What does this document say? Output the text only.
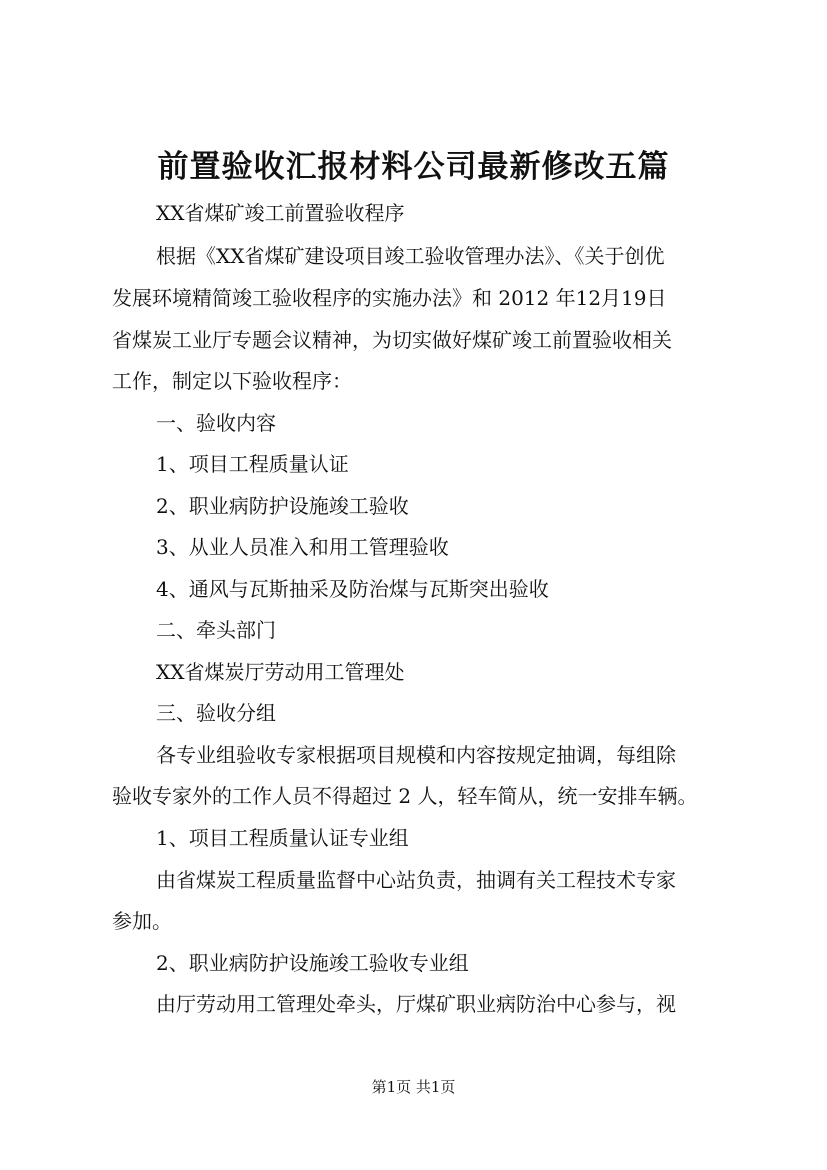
前置验收汇报材料公司最新修改五篇
XX省煤矿竣工前置验收程序
根据《XX省煤矿建设项目竣工验收管理办法》、《关于创优
发展环境精简竣工验收程序的实施办法》和 2012 年12月19日
省煤炭工业厅专题会议精神，为切实做好煤矿竣工前置验收相关
工作，制定以下验收程序：
一、验收内容
1、项目工程质量认证
2、职业病防护设施竣工验收
3、从业人员准入和用工管理验收
4、通风与瓦斯抽采及防治煤与瓦斯突出验收
二、牵头部门
XX省煤炭厅劳动用工管理处
三、验收分组
各专业组验收专家根据项目规模和内容按规定抽调，每组除
验收专家外的工作人员不得超过 2 人，轻车简从，统一安排车辆。
1、项目工程质量认证专业组
由省煤炭工程质量监督中心站负责，抽调有关工程技术专家
参加。
2、职业病防护设施竣工验收专业组
由厅劳动用工管理处牵头，厅煤矿职业病防治中心参与，视
第1页 共1页
